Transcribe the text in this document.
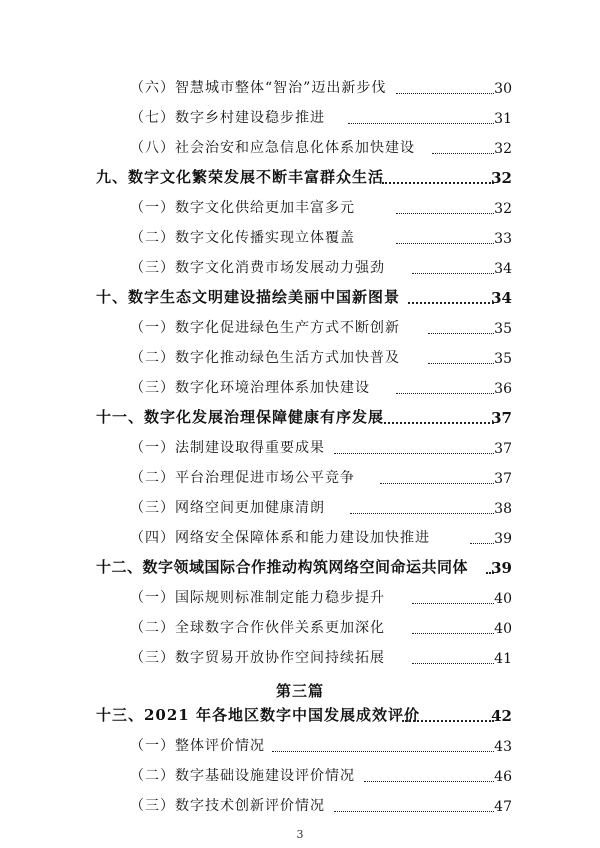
（六）智慧城市整体“智治”迈出新步伐	30
（七）数字乡村建设稳步推进	31
（八）社会治安和应急信息化体系加快建设	32
九、数字文化繁荣发展不断丰富群众生活	32
（一）数字文化供给更加丰富多元	32
（二）数字文化传播实现立体覆盖	33
（三）数字文化消费市场发展动力强劲	34
十、数字生态文明建设描绘美丽中国新图景	34
（一）数字化促进绿色生产方式不断创新	35
（二）数字化推动绿色生活方式加快普及	35
（三）数字化环境治理体系加快建设	36
十一、数字化发展治理保障健康有序发展	37
（一）法制建设取得重要成果	37
（二）平台治理促进市场公平竞争	37
（三）网络空间更加健康清朗	38
（四）网络安全保障体系和能力建设加快推进	39
十二、数字领域国际合作推动构筑网络空间命运共同体 39
（一）国际规则标准制定能力稳步提升	40
（二）全球数字合作伙伴关系更加深化	40
（三）数字贸易开放协作空间持续拓展	41
第三篇
十三、2021 年各地区数字中国发展成效评价	42
（一）整体评价情况	43
（二）数字基础设施建设评价情况	46
（三）数字技术创新评价情况	47
3
